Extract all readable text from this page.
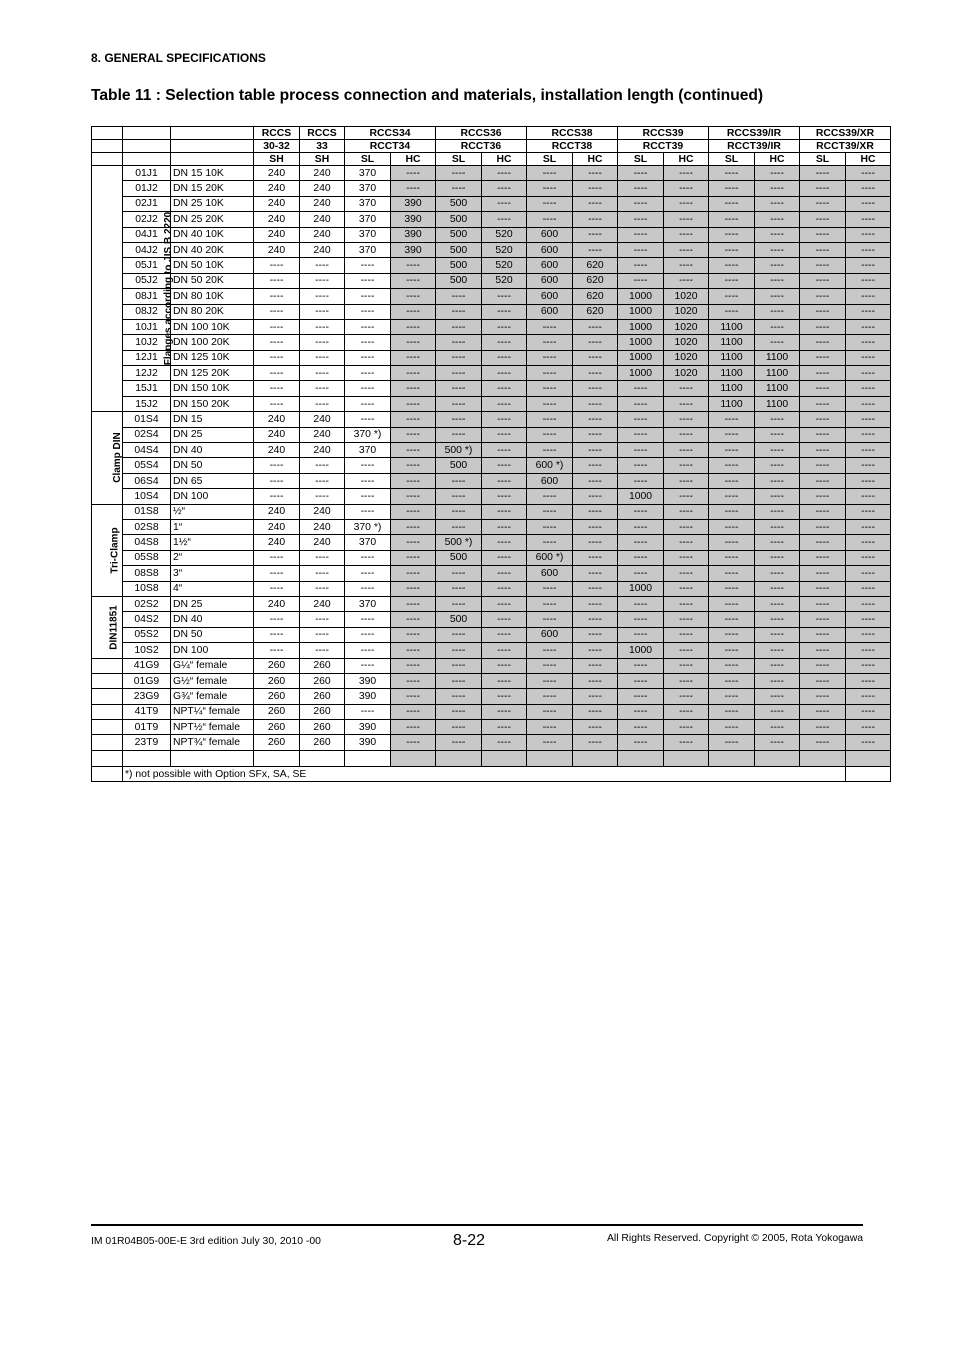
8. GENERAL SPECIFICATIONS
Table 11 : Selection table process connection and materials, installation length (continued)
			RCCS	RCCS	RCCS34		RCCS36		RCCS38		RCCS39		RCCS39/IR		RCCS39/XR	
			30-32	33	RCCT34		RCCT36		RCCT38		RCCT39		RCCT39/IR		RCCT39/XR	
			SH	SH	SL	HC	SL	HC	SL	HC	SL	HC	SL	HC	SL	HC
Flanges according to JIS B 2220	01J1	DN 15 10K	240	240	370	----	----	----	----	----	----	----	----	----	----	----
	01J2	DN 15 20K	240	240	370	----	----	----	----	----	----	----	----	----	----	----
	02J1	DN 25 10K	240	240	370	390	500	----	----	----	----	----	----	----	----	----
	02J2	DN 25 20K	240	240	370	390	500	----	----	----	----	----	----	----	----	----
	04J1	DN 40 10K	240	240	370	390	500	520	600	----	----	----	----	----	----	----
	04J2	DN 40 20K	240	240	370	390	500	520	600	----	----	----	----	----	----	----
	05J1	DN 50 10K	----	----	----	----	500	520	600	620	----	----	----	----	----	----
	05J2	DN 50 20K	----	----	----	----	500	520	600	620	----	----	----	----	----	----
	08J1	DN 80 10K	----	----	----	----	----	----	600	620	1000	1020	----	----	----	----
	08J2	DN 80 20K	----	----	----	----	----	----	600	620	1000	1020	----	----	----	----
	10J1	DN 100 10K	----	----	----	----	----	----	----	----	1000	1020	1100	----	----	----
	10J2	DN 100 20K	----	----	----	----	----	----	----	----	1000	1020	1100	----	----	----
	12J1	DN 125 10K	----	----	----	----	----	----	----	----	1000	1020	1100	1100	----	----
	12J2	DN 125 20K	----	----	----	----	----	----	----	----	1000	1020	1100	1100	----	----
	15J1	DN 150 10K	----	----	----	----	----	----	----	----	----	----	1100	1100	----	----
	15J2	DN 150 20K	----	----	----	----	----	----	----	----	----	----	1100	1100	----	----
Clamp DIN	01S4	DN 15	240	240	----	----	----	----	----	----	----	----	----	----	----	----
	02S4	DN 25	240	240	370 *)	----	----	----	----	----	----	----	----	----	----	----
	04S4	DN 40	240	240	370	----	500 *)	----	----	----	----	----	----	----	----	----
	05S4	DN 50	----	----	----	----	500	----	600 *)	----	----	----	----	----	----	----
	06S4	DN 65	----	----	----	----	----	----	600	----	----	----	----	----	----	----
	10S4	DN 100	----	----	----	----	----	----	----	----	1000	----	----	----	----	----
Tri-Clamp	01S8	½“	240	240	----	----	----	----	----	----	----	----	----	----	----	----
	02S8	1“	240	240	370 *)	----	----	----	----	----	----	----	----	----	----	----
	04S8	1½“	240	240	370	----	500 *)	----	----	----	----	----	----	----	----	----
	05S8	2“	----	----	----	----	500	----	600 *)	----	----	----	----	----	----	----
	08S8	3“	----	----	----	----	----	----	600	----	----	----	----	----	----	----
	10S8	4“	----	----	----	----	----	----	----	----	1000	----	----	----	----	----
DIN11851	02S2	DN 25	240	240	370	----	----	----	----	----	----	----	----	----	----	----
	04S2	DN 40	----	----	----	----	500	----	----	----	----	----	----	----	----	----
	05S2	DN 50	----	----	----	----	----	----	600	----	----	----	----	----	----	----
	10S2	DN 100	----	----	----	----	----	----	----	----	1000	----	----	----	----	----
	41G9	G¼“ female	260	260	----	----	----	----	----	----	----	----	----	----	----	----
	01G9	G½“ female	260	260	390	----	----	----	----	----	----	----	----	----	----	----
	23G9	G¾“ female	260	260	390	----	----	----	----	----	----	----	----	----	----	----
	41T9	NPT¼“ female	260	260	----	----	----	----	----	----	----	----	----	----	----	----
	01T9	NPT½“ female	260	260	390	----	----	----	----	----	----	----	----	----	----	----
	23T9	NPT¾“ female	260	260	390	----	----	----	----	----	----	----	----	----	----	----

	*) not possible with Option SFx, SA, SE															
IM 01R04B05-00E-E 3rd edition July 30, 2010 -00	8-22	All Rights Reserved. Copyright © 2005, Rota Yokogawa
